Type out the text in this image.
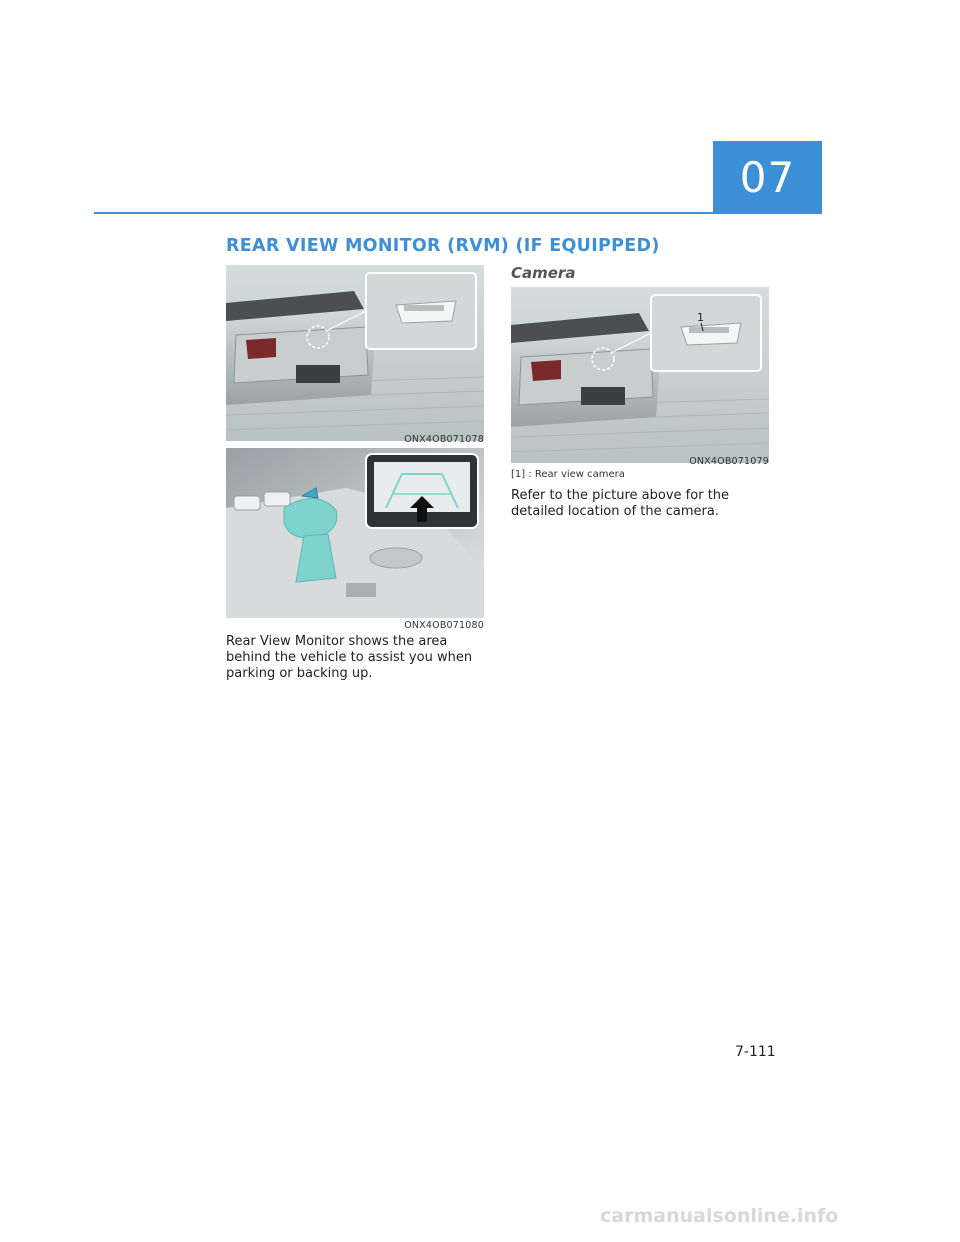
07
REAR VIEW MONITOR (RVM) (IF EQUIPPED)
ONX4OB071078
ONX4OB071080

Rear View Monitor shows the area behind the vehicle to assist you when parking or backing up.

Camera
1
ONX4OB071079
[1] : Rear view camera

Refer to the picture above for the detailed location of the camera.

7-111
carmanualsonline.info
